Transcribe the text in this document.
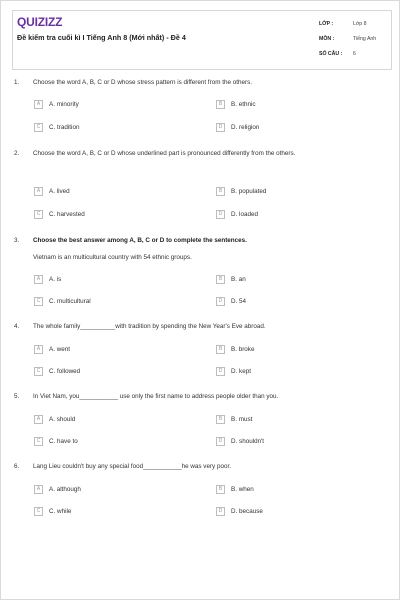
QUIZIZZ
Đề kiểm tra cuối kì I Tiếng Anh 8 (Mới nhất) - Đề 4
LỚP :	Lớp 8
MÔN :	Tiếng Anh
SỐ CÂU :	6
1. Choose the word A, B, C or D whose stress pattern is different from the others.
A	A. minority	B	B. ethnic
C	C. tradition	D	D. religion
2. Choose the word A, B, C or D whose underlined part is pronounced differently from the others.
A	A. lived	B	B. populated
C	C. harvested	D	D. loaded
3. Choose the best answer among A, B, C or D to complete the sentences.
Vietnam is an multicultural country with 54 ethnic groups.
A	A. is	B	B. an
C	C. multicultural	D	D. 54
4. The whole family__________with tradition by spending the New Year's Eve abroad.
A	A. went	B	B. broke
C	C. followed	D	D. kept
5. In Viet Nam, you___________ use only the first name to address people older than you.
A	A. should	B	B. must
C	C. have to	D	D. shouldn't
6. Lang Lieu couldn't buy any special food___________he was very poor.
A	A. although	B	B. when
C	C. while	D	D. because
